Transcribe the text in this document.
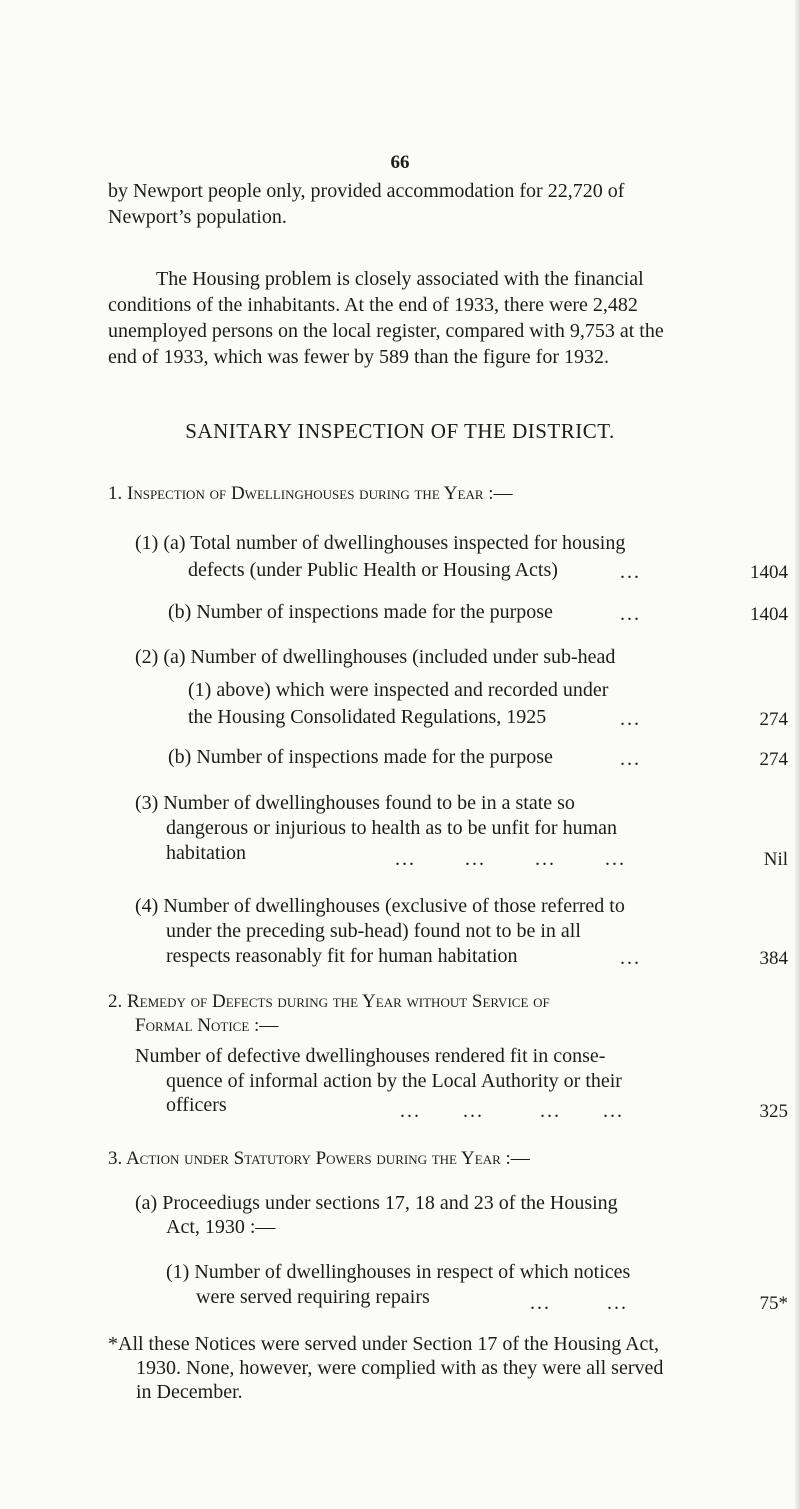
66
by Newport people only, provided accommodation for 22,720 of
Newport’s population.
The Housing problem is closely associated with the financial
conditions of the inhabitants. At the end of 1933, there were 2,482
unemployed persons on the local register, compared with 9,753 at the
end of 1933, which was fewer by 589 than the figure for 1932.
SANITARY INSPECTION OF THE DISTRICT.
1. Inspection of Dwellinghouses during the Year :—
(1) (a) Total number of dwellinghouses inspected for housing
defects (under Public Health or Housing Acts)	...	1404
(b) Number of inspections made for the purpose	...	1404
(2) (a) Number of dwellinghouses (included under sub-head
(1) above) which were inspected and recorded under
the Housing Consolidated Regulations, 1925	...	274
(b) Number of inspections made for the purpose	...	274
(3) Number of dwellinghouses found to be in a state so
dangerous or injurious to health as to be unfit for human
habitation	...       ...       ...       ...	Nil
(4) Number of dwellinghouses (exclusive of those referred to
under the preceding sub-head) found not to be in all
respects reasonably fit for human habitation	...	384
2. Remedy of Defects during the Year without Service of
Formal Notice :—
Number of defective dwellinghouses rendered fit in conse-
quence of informal action by the Local Authority or their
officers	...      ...        ...      ...	325
3. Action under Statutory Powers during the Year :—
(a) Proceediugs under sections 17, 18 and 23 of the Housing
Act, 1930 :—
(1) Number of dwellinghouses in respect of which notices
were served requiring repairs	...        ...	75*
*All these Notices were served under Section 17 of the Housing Act,
1930. None, however, were complied with as they were all served
in December.
